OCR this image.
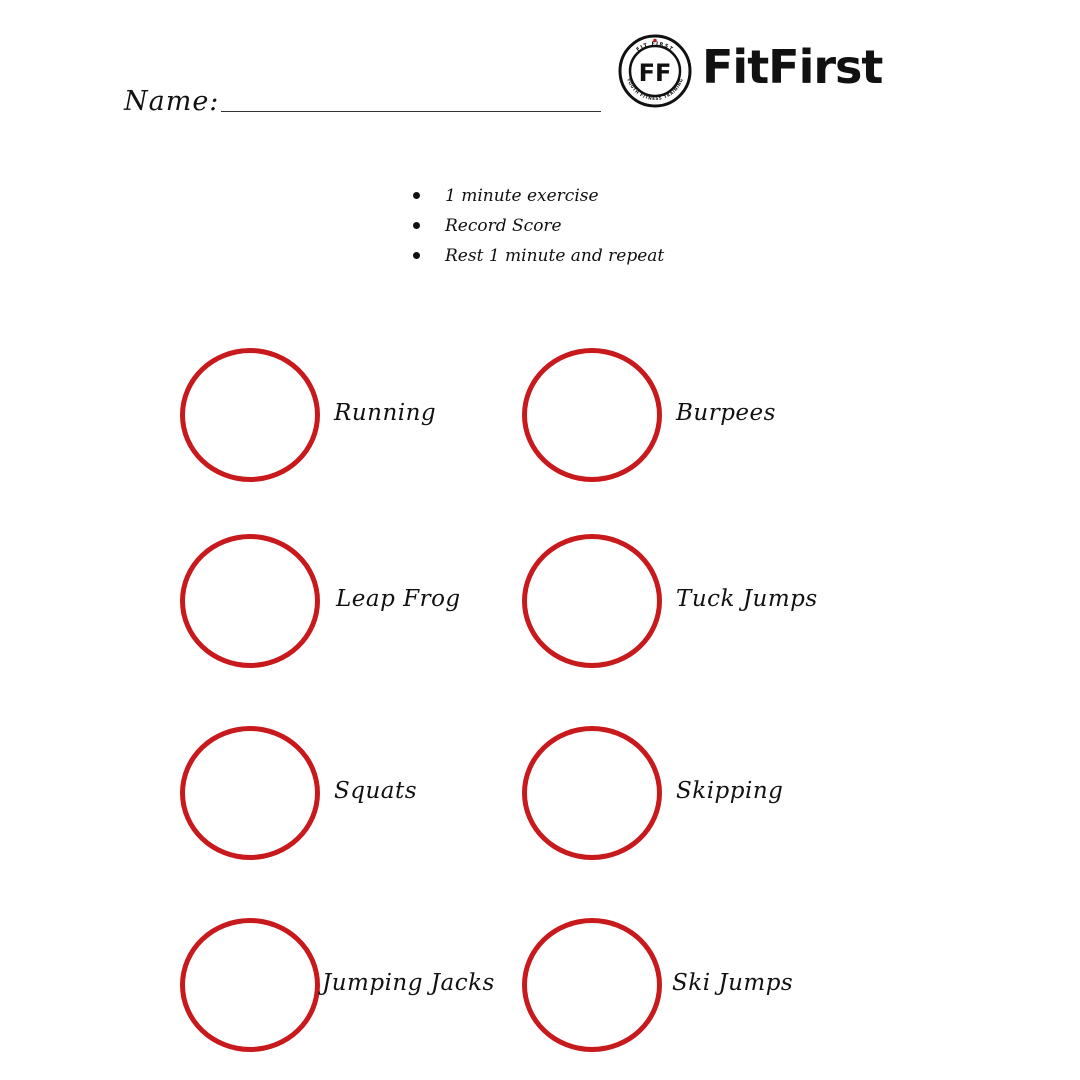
Name:
FF
FIT FIRST
YOUTH FITNESS TRAINING FitFirst
1 minute exercise
Record Score
Rest 1 minute and repeat
Running	Burpees
Leap Frog	Tuck Jumps
Squats	Skipping
Jumping Jacks	Ski Jumps
